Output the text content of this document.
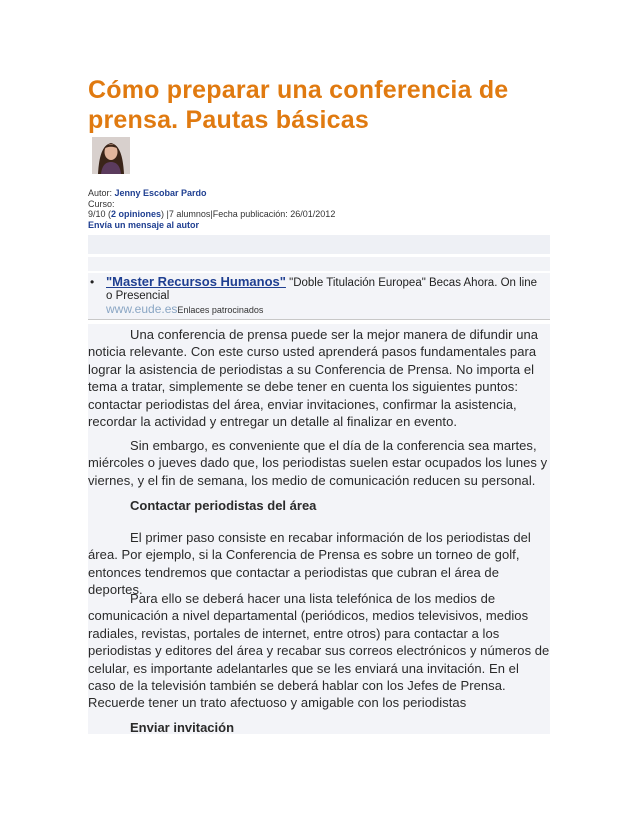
Cómo preparar una conferencia de prensa. Pautas básicas
Autor: Jenny Escobar Pardo
Curso:
9/10 (2 opiniones) |7 alumnos|Fecha publicación: 26/01/2012
Envía un mensaje al autor
• "Master Recursos Humanos" "Doble Titulación Europea" Becas Ahora. On line o Presencial
www.eude.esEnlaces patrocinados

Una conferencia de prensa puede ser la mejor manera de difundir una noticia relevante. Con este curso usted aprenderá pasos fundamentales para lograr la asistencia de periodistas a su Conferencia de Prensa. No importa el tema a tratar, simplemente se debe tener en cuenta los siguientes puntos: contactar periodistas del área, enviar invitaciones, confirmar la asistencia, recordar la actividad y entregar un detalle al finalizar en evento.

Sin embargo, es conveniente que el día de la conferencia sea martes, miércoles o jueves dado que, los periodistas suelen estar ocupados los lunes y viernes, y el fin de semana, los medio de comunicación reducen su personal.

Contactar periodistas del área

El primer paso consiste en recabar información de los periodistas del área. Por ejemplo, si la Conferencia de Prensa es sobre un torneo de golf, entonces tendremos que contactar a periodistas que cubran el área de deportes.

Para ello se deberá hacer una lista telefónica de los medios de comunicación a nivel departamental (periódicos, medios televisivos, medios radiales, revistas, portales de internet, entre otros) para contactar a los periodistas y editores del área y recabar sus correos electrónicos y números de celular, es importante adelantarles que se les enviará una invitación. En el caso de la televisión también se deberá hablar con los Jefes de Prensa. Recuerde tener un trato afectuoso y amigable con los periodistas

Enviar invitación
